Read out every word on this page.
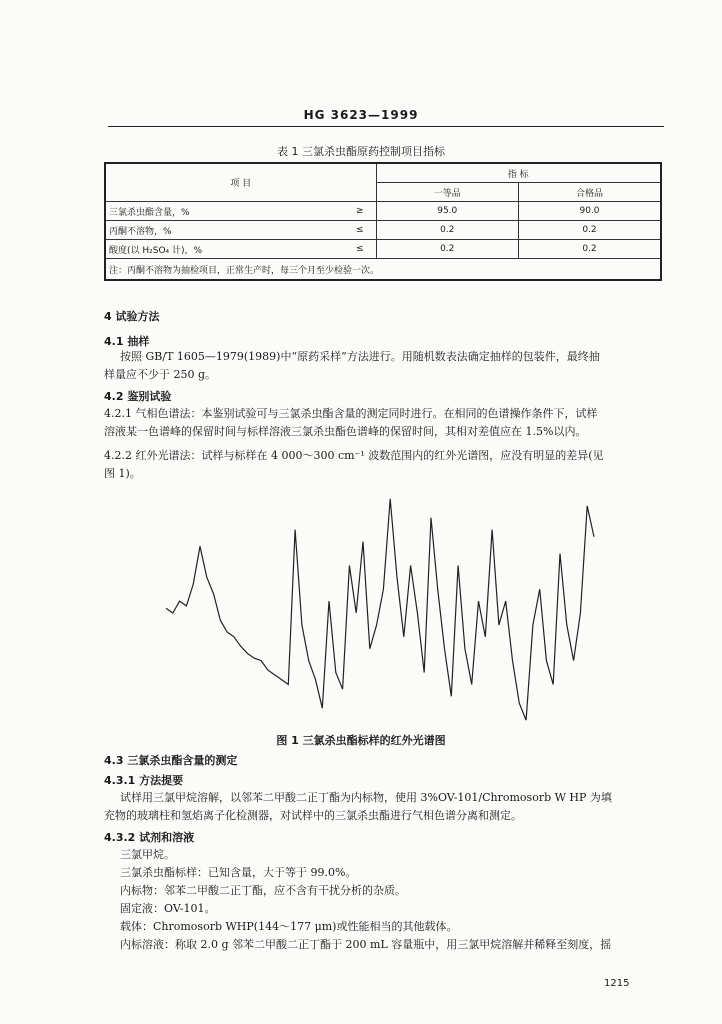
HG 3623—1999
表 1 三氯杀虫酯原药控制项目指标
项 目		指 标	
		一等品	合格品
三氯杀虫酯含量，%	≥	95.0	90.0
丙酮不溶物，%	≤	0.2	0.2
酸度(以 H₂SO₄ 计)，%	≤	0.2	0.2
注：丙酮不溶物为抽检项目，正常生产时，每三个月至少检验一次。			
4 试验方法
4.1 抽样
按照 GB/T 1605—1979(1989)中“原药采样”方法进行。用随机数表法确定抽样的包装件，最终抽
样量应不少于 250 g。
4.2 鉴别试验
4.2.1 气相色谱法：本鉴别试验可与三氯杀虫酯含量的测定同时进行。在相同的色谱操作条件下，试样
溶液某一色谱峰的保留时间与标样溶液三氯杀虫酯色谱峰的保留时间，其相对差值应在 1.5%以内。
4.2.2 红外光谱法：试样与标样在 4 000～300 cm⁻¹ 波数范围内的红外光谱图，应没有明显的差异(见
图 1)。
图 1 三氯杀虫酯标样的红外光谱图
4.3 三氯杀虫酯含量的测定
4.3.1 方法提要
试样用三氯甲烷溶解，以邻苯二甲酸二正丁酯为内标物，使用 3%OV-101/Chromosorb W HP 为填
充物的玻璃柱和氢焰离子化检测器，对试样中的三氯杀虫酯进行气相色谱分离和测定。
4.3.2 试剂和溶液
三氯甲烷。
三氯杀虫酯标样：已知含量，大于等于 99.0%。
内标物：邻苯二甲酸二正丁酯，应不含有干扰分析的杂质。
固定液：OV-101。
载体：Chromosorb WHP(144～177 μm)或性能相当的其他载体。
内标溶液：称取 2.0 g 邻苯二甲酸二正丁酯于 200 mL 容量瓶中，用三氯甲烷溶解并稀释至刻度，摇
1215
